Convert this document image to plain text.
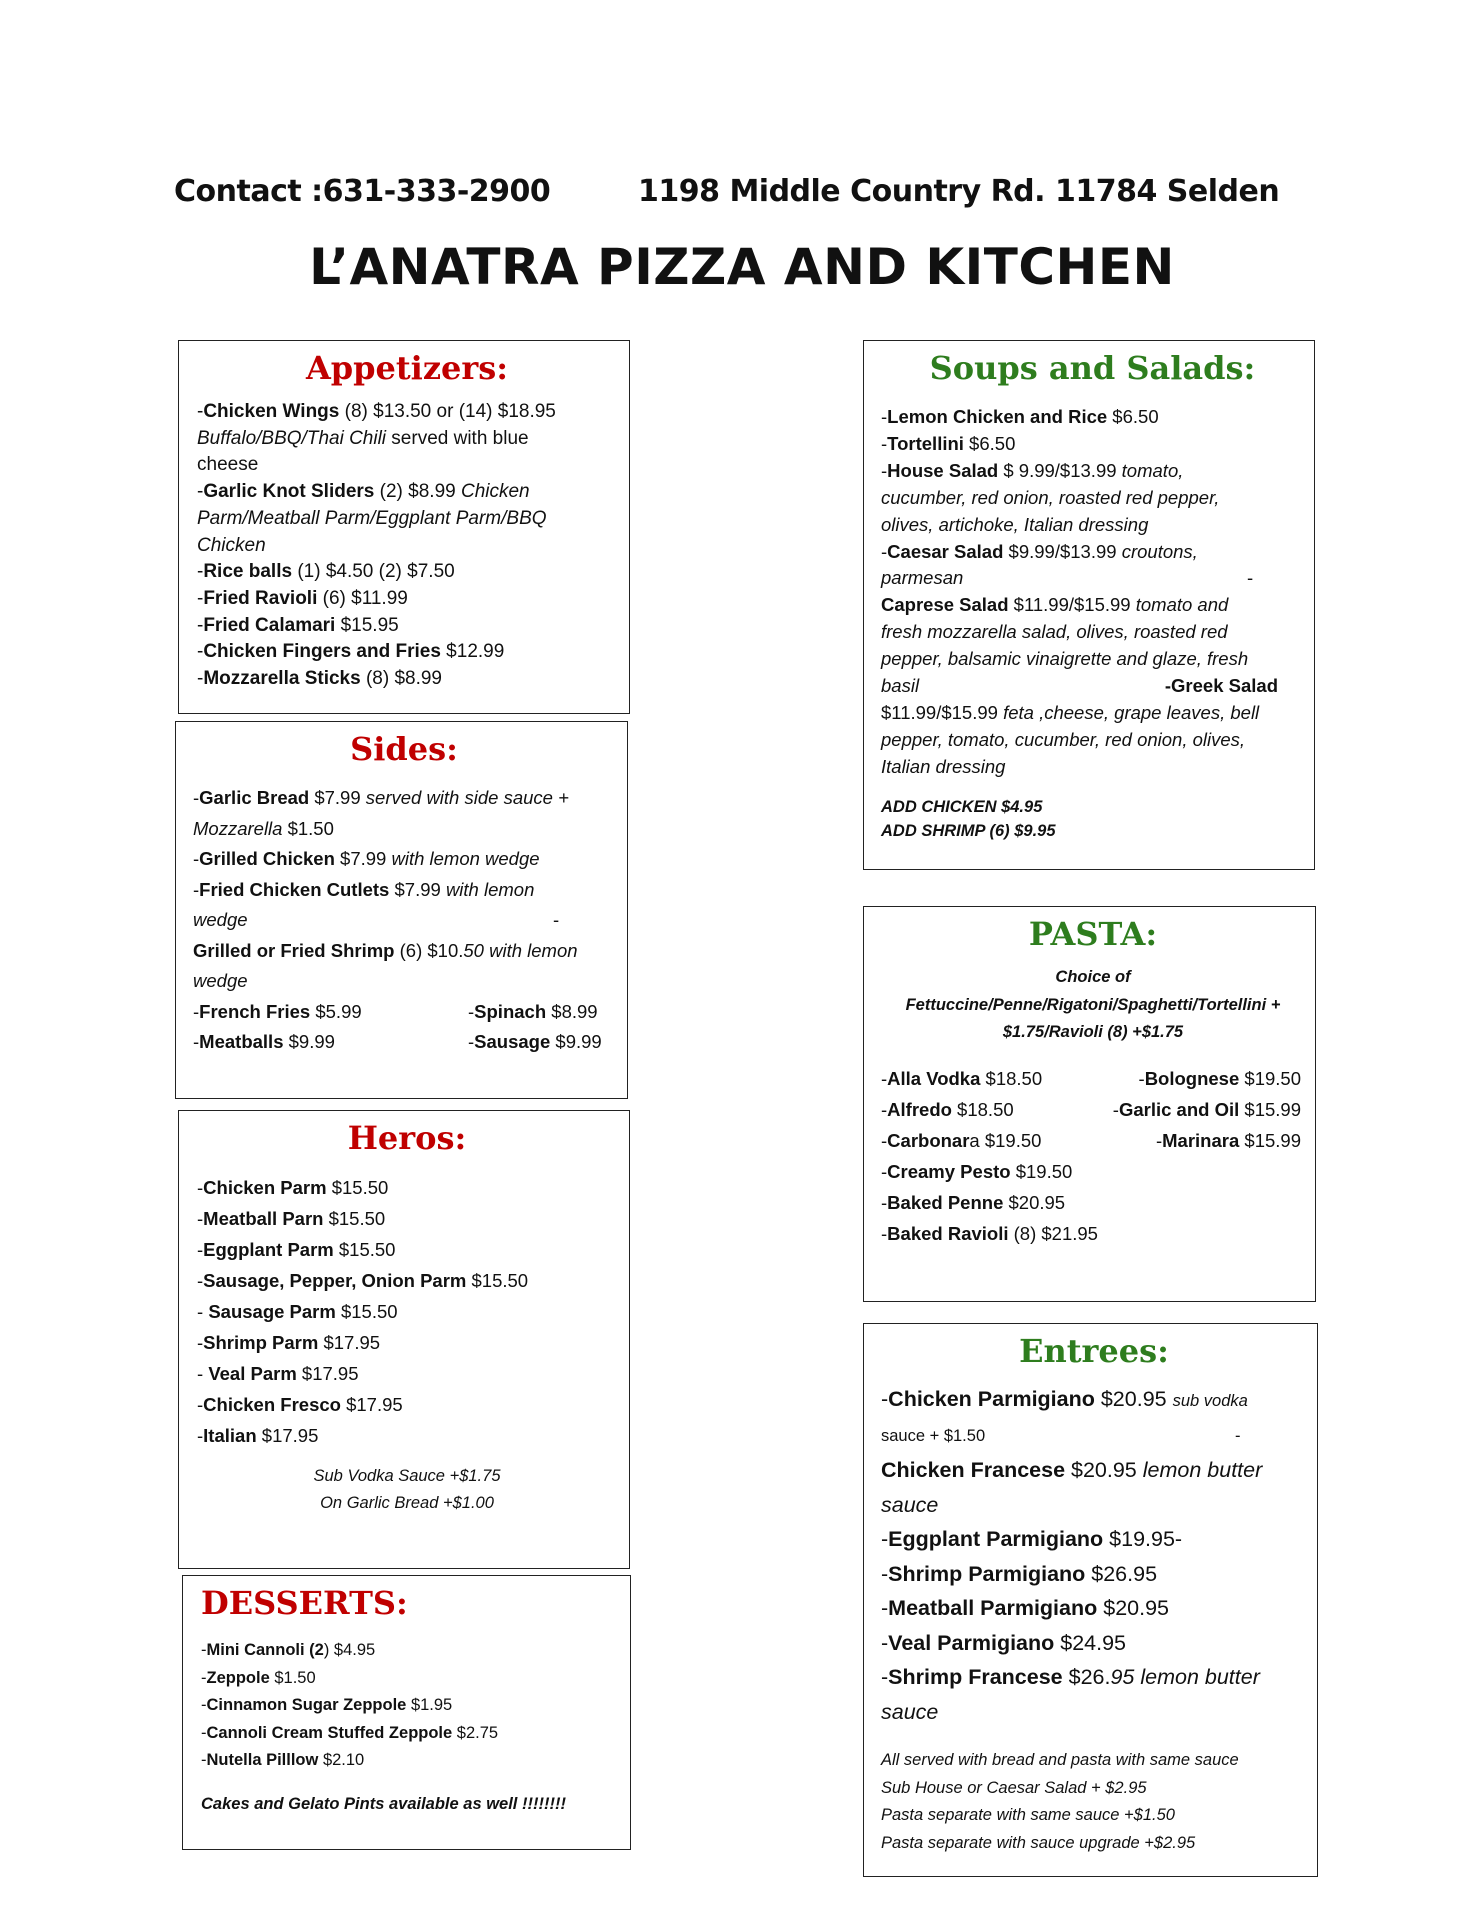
Contact :631-333-2900	1198 Middle Country Rd. 11784 Selden
L’ANATRA PIZZA AND KITCHEN
Appetizers:
-Chicken Wings (8) $13.50 or (14) $18.95
Buffalo/BBQ/Thai Chili served with blue
cheese
-Garlic Knot Sliders (2) $8.99 Chicken
Parm/Meatball Parm/Eggplant Parm/BBQ
Chicken
-Rice balls (1) $4.50 (2) $7.50
-Fried Ravioli (6) $11.99
-Fried Calamari $15.95
-Chicken Fingers and Fries $12.99
-Mozzarella Sticks (8) $8.99
Sides:
-Garlic Bread $7.99 served with side sauce +
Mozzarella $1.50
-Grilled Chicken $7.99 with lemon wedge
-Fried Chicken Cutlets $7.99 with lemon
wedge	-
Grilled or Fried Shrimp (6) $10.50 with lemon
wedge
-French Fries $5.99	-Spinach $8.99
-Meatballs $9.99	-Sausage $9.99
Heros:
-Chicken Parm $15.50
-Meatball Parn $15.50
-Eggplant Parm $15.50
-Sausage, Pepper, Onion Parm $15.50
- Sausage Parm $15.50
-Shrimp Parm $17.95
- Veal Parm $17.95
-Chicken Fresco $17.95
-Italian $17.95
Sub Vodka Sauce +$1.75
On Garlic Bread +$1.00
DESSERTS:
-Mini Cannoli (2) $4.95
-Zeppole $1.50
-Cinnamon Sugar Zeppole $1.95
-Cannoli Cream Stuffed Zeppole $2.75
-Nutella Pilllow $2.10
Cakes and Gelato Pints available as well !!!!!!!!
Soups and Salads:
-Lemon Chicken and Rice $6.50
-Tortellini $6.50
-House Salad $ 9.99/$13.99 tomato,
cucumber, red onion, roasted red pepper,
olives, artichoke, Italian dressing
-Caesar Salad $9.99/$13.99 croutons,
parmesan	-
Caprese Salad $11.99/$15.99 tomato and
fresh mozzarella salad, olives, roasted red
pepper, balsamic vinaigrette and glaze, fresh
basil	-Greek Salad
$11.99/$15.99 feta ,cheese, grape leaves, bell
pepper, tomato, cucumber, red onion, olives,
Italian dressing
ADD CHICKEN $4.95
ADD SHRIMP (6) $9.95
PASTA:
Choice of
Fettuccine/Penne/Rigatoni/Spaghetti/Tortellini +
$1.75/Ravioli (8) +$1.75
-Alla Vodka $18.50	-Bolognese $19.50
-Alfredo $18.50	-Garlic and Oil $15.99
-Carbonara $19.50	-Marinara $15.99
-Creamy Pesto $19.50
-Baked Penne $20.95
-Baked Ravioli (8) $21.95
Entrees:
-Chicken Parmigiano $20.95 sub vodka
sauce + $1.50	-
Chicken Francese $20.95 lemon butter
sauce
-Eggplant Parmigiano $19.95-
-Shrimp Parmigiano $26.95
-Meatball Parmigiano $20.95
-Veal Parmigiano $24.95
-Shrimp Francese $26.95 lemon butter
sauce
All served with bread and pasta with same sauce
Sub House or Caesar Salad + $2.95
Pasta separate with same sauce +$1.50
Pasta separate with sauce upgrade +$2.95
